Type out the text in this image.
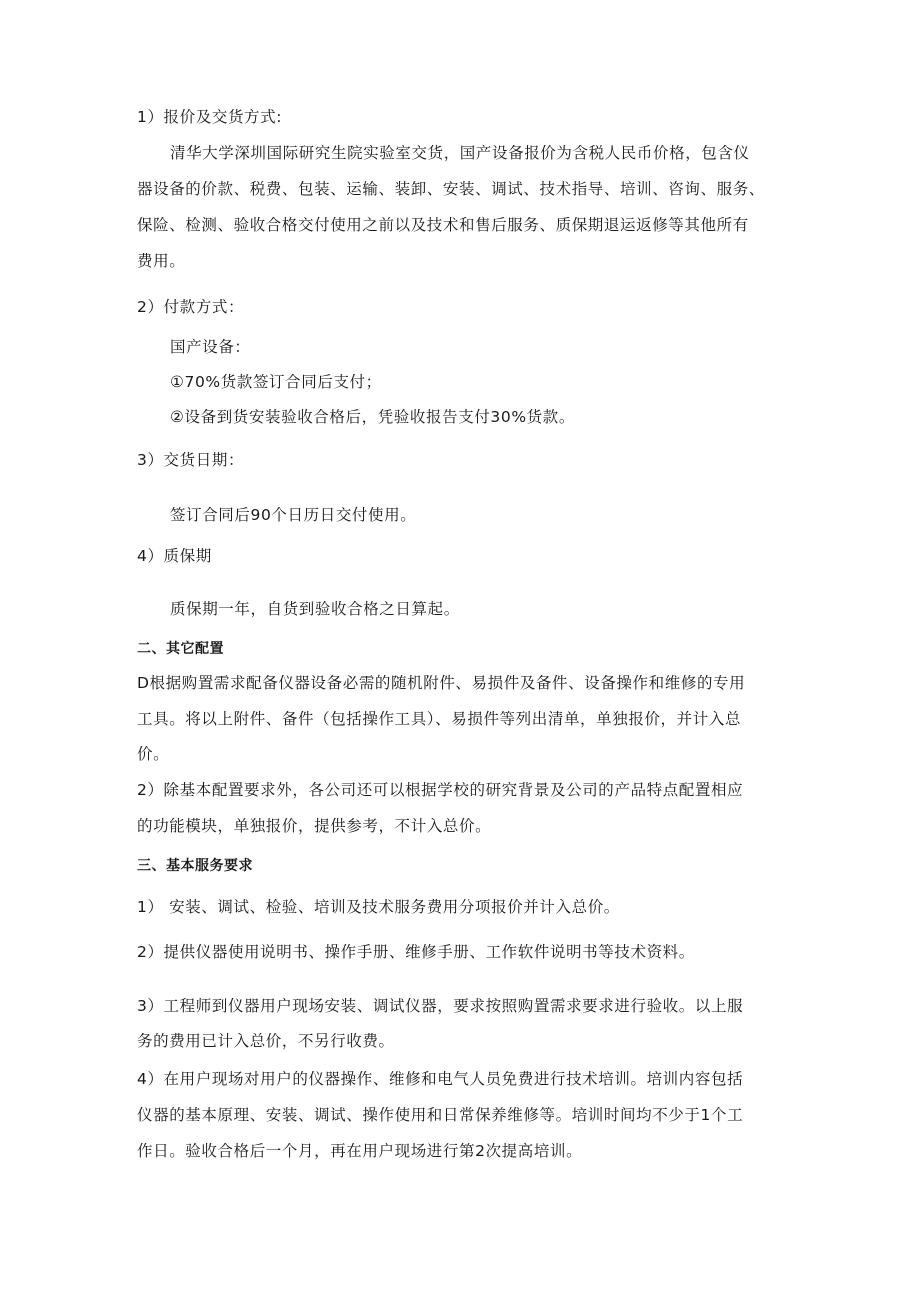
1）报价及交货方式:
清华大学深圳国际研究生院实验室交货，国产设备报价为含税人民币价格，包含仪
器设备的价款、税费、包装、运输、装卸、安装、调试、技术指导、培训、咨询、服务、
保险、检测、验收合格交付使用之前以及技术和售后服务、质保期退运返修等其他所有
费用。
2）付款方式：
国产设备：
①70%货款签订合同后支付；
②设备到货安装验收合格后，凭验收报告支付30%货款。
3）交货日期：
签订合同后90个日历日交付使用。
4）质保期
质保期一年，自货到验收合格之日算起。
二、其它配置
D根据购置需求配备仪器设备必需的随机附件、易损件及备件、设备操作和维修的专用
工具。将以上附件、备件（包括操作工具）、易损件等列出清单，单独报价，并计入总
价。
2）除基本配置要求外，各公司还可以根据学校的研究背景及公司的产品特点配置相应
的功能模块，单独报价，提供参考，不计入总价。
三、基本服务要求
1） 安装、调试、检验、培训及技术服务费用分项报价并计入总价。
2）提供仪器使用说明书、操作手册、维修手册、工作软件说明书等技术资料。
3）工程师到仪器用户现场安装、调试仪器，要求按照购置需求要求进行验收。以上服
务的费用已计入总价，不另行收费。
4）在用户现场对用户的仪器操作、维修和电气人员免费进行技术培训。培训内容包括
仪器的基本原理、安装、调试、操作使用和日常保养维修等。培训时间均不少于1个工
作日。验收合格后一个月，再在用户现场进行第2次提高培训。
